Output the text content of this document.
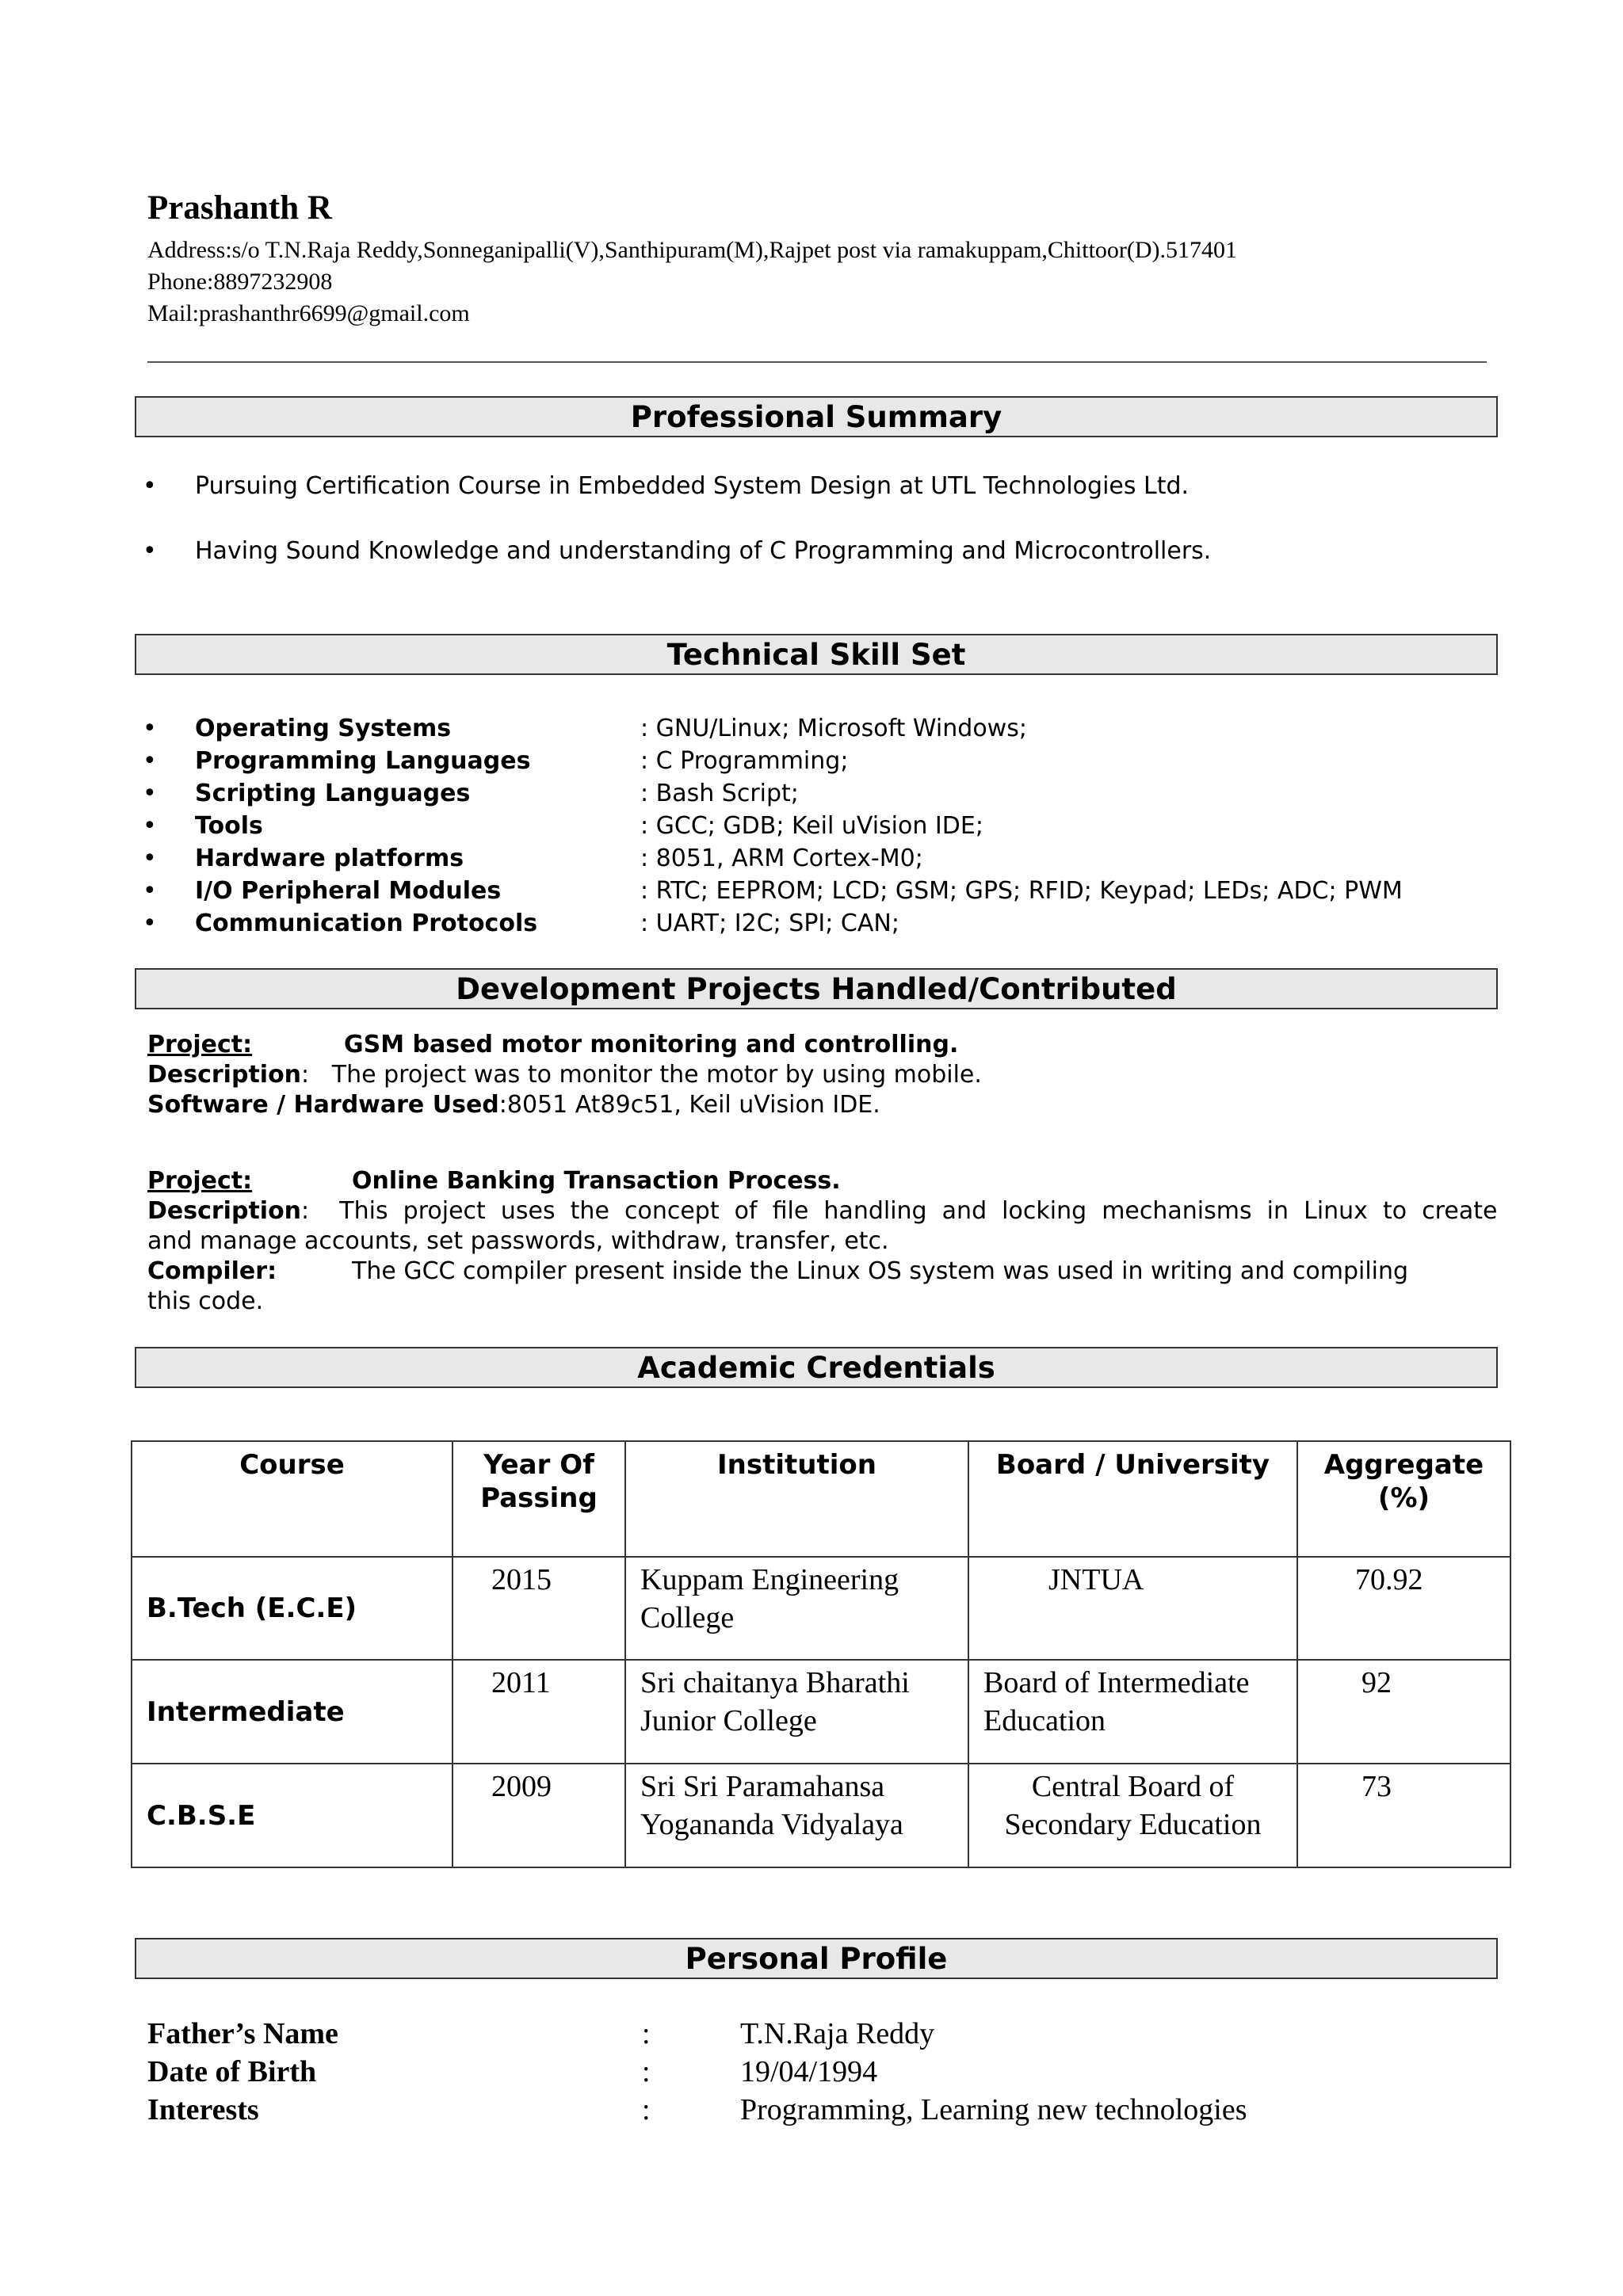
Prashanth R
Address:s/o T.N.Raja Reddy,Sonneganipalli(V),Santhipuram(M),Rajpet post via ramakuppam,Chittoor(D).517401
Phone:8897232908
Mail:prashanthr6699@gmail.com
Professional Summary
• Pursuing Certification Course in Embedded System Design at UTL Technologies Ltd.
• Having Sound Knowledge and understanding of C Programming and Microcontrollers.
Technical Skill Set
• Operating Systems	: GNU/Linux; Microsoft Windows;
• Programming Languages	: C Programming;
• Scripting Languages	: Bash Script;
• Tools	: GCC; GDB; Keil uVision IDE;
• Hardware platforms	: 8051, ARM Cortex-M0;
• I/O Peripheral Modules	: RTC; EEPROM; LCD; GSM; GPS; RFID; Keypad; LEDs; ADC; PWM
• Communication Protocols	: UART; I2C; SPI; CAN;
Development Projects Handled/Contributed
Project:	GSM based motor monitoring and controlling.
Description:   The project was to monitor the motor by using mobile.
Software / Hardware Used:8051 At89c51, Keil uVision IDE.
Project:	Online Banking Transaction Process.
Description:    This  project  uses  the  concept  of  file  handling  and  locking  mechanisms  in  Linux  to  create
and manage accounts, set passwords, withdraw, transfer, etc.
Compiler:	The GCC compiler present inside the Linux OS system was used in writing and compiling
this code.
Academic Credentials
Course	Year Of Passing	Institution	Board / University	Aggregate (%)
B.Tech (E.C.E)	2015	Kuppam Engineering College	JNTUA	70.92
Intermediate	2011	Sri chaitanya Bharathi Junior College	Board of Intermediate Education	92
C.B.S.E	2009	Sri Sri Paramahansa Yogananda Vidyalaya	Central Board of Secondary Education	73
Personal Profile
Father’s Name	:	T.N.Raja Reddy
Date of Birth	:	19/04/1994
Interests	:	Programming, Learning new technologies
